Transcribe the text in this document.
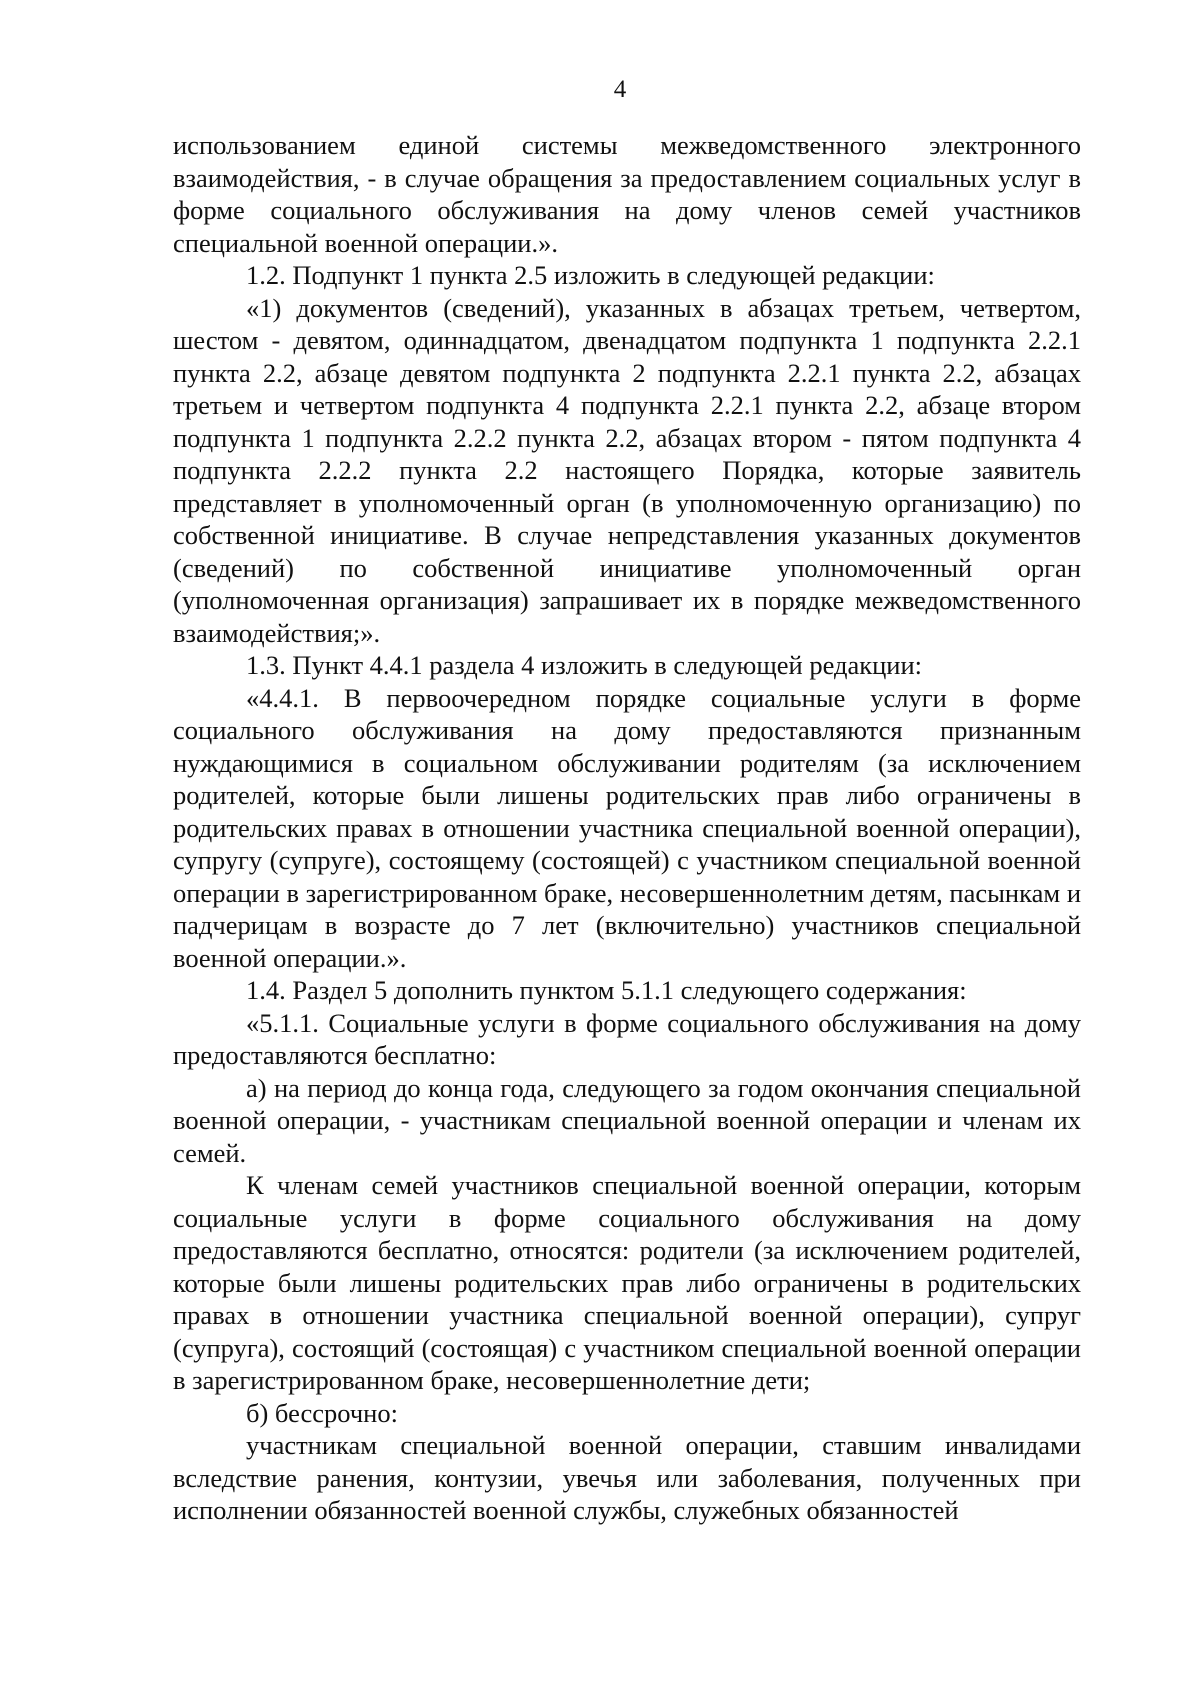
4

использованием единой системы межведомственного электронного взаимодействия, - в случае обращения за предоставлением социальных услуг в форме социального обслуживания на дому членов семей участников специальной военной операции.».

1.2. Подпункт 1 пункта 2.5 изложить в следующей редакции:

«1) документов (сведений), указанных в абзацах третьем, четвертом, шестом - девятом, одиннадцатом, двенадцатом подпункта 1 подпункта 2.2.1 пункта 2.2, абзаце девятом подпункта 2 подпункта 2.2.1 пункта 2.2, абзацах третьем и четвертом подпункта 4 подпункта 2.2.1 пункта 2.2, абзаце втором подпункта 1 подпункта 2.2.2 пункта 2.2, абзацах втором - пятом подпункта 4 подпункта 2.2.2 пункта 2.2 настоящего Порядка, которые заявитель представляет в уполномоченный орган (в уполномоченную организацию) по собственной инициативе. В случае непредставления указанных документов (сведений) по собственной инициативе уполномоченный орган (уполномоченная организация) запрашивает их в порядке межведомственного взаимодействия;».

1.3. Пункт 4.4.1 раздела 4 изложить в следующей редакции:

«4.4.1. В первоочередном порядке социальные услуги в форме социального обслуживания на дому предоставляются признанным нуждающимися в социальном обслуживании родителям (за исключением родителей, которые были лишены родительских прав либо ограничены в родительских правах в отношении участника специальной военной операции), супругу (супруге), состоящему (состоящей) с участником специальной военной операции в зарегистрированном браке, несовершеннолетним детям, пасынкам и падчерицам в возрасте до 7 лет (включительно) участников специальной военной операции.».

1.4. Раздел 5 дополнить пунктом 5.1.1 следующего содержания:

«5.1.1. Социальные услуги в форме социального обслуживания на дому предоставляются бесплатно:

а) на период до конца года, следующего за годом окончания специальной военной операции, - участникам специальной военной операции и членам их семей.

К членам семей участников специальной военной операции, которым социальные услуги в форме социального обслуживания на дому предоставляются бесплатно, относятся: родители (за исключением родителей, которые были лишены родительских прав либо ограничены в родительских правах в отношении участника специальной военной операции), супруг (супруга), состоящий (состоящая) с участником специальной военной операции в зарегистрированном браке, несовершеннолетние дети;

б) бессрочно:

участникам специальной военной операции, ставшим инвалидами вследствие ранения, контузии, увечья или заболевания, полученных при исполнении обязанностей военной службы, служебных обязанностей
